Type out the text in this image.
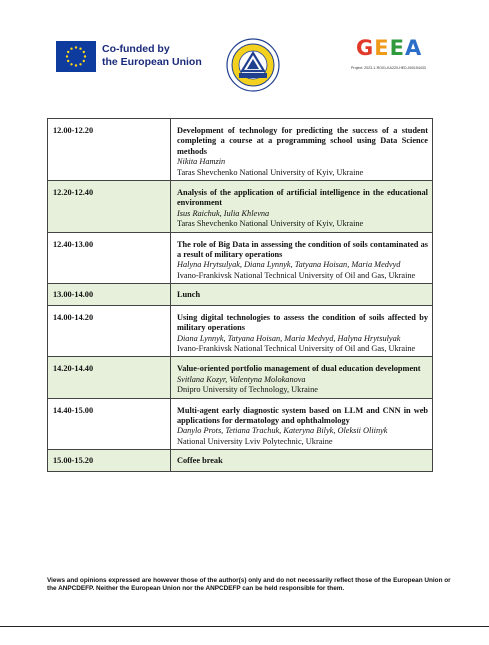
Co-funded by
the European Union
GEEA
Project: 2023-1-RO01-KA220-HED-000154433
12.00-12.20	Development of technology for predicting the success of a student completing a course at a programming school using Data Science methods
Nikita Hamzin
Taras Shevchenko National University of Kyiv, Ukraine

12.20-12.40	Analysis of the application of artificial intelligence in the educational environment
Isus Raichuk, Iulia Khlevna
Taras Shevchenko National University of Kyiv, Ukraine

12.40-13.00	The role of Big Data in assessing the condition of soils contaminated as a result of military operations
Halyna Hrytsulyak, Diana Lynnyk, Tatyana Hoisan, Maria Medvyd
Ivano-Frankivsk National Technical University of Oil and Gas, Ukraine

13.00-14.00	Lunch

14.00-14.20	Using digital technologies to assess the condition of soils affected by military operations
Diana Lynnyk, Tatyana Hoisan, Maria Medvyd, Halyna Hrytsulyak
Ivano-Frankivsk National Technical University of Oil and Gas, Ukraine

14.20-14.40	Value-oriented portfolio management of dual education development
Svitlana Kozyr, Valentyna Molokanova
Dnipro University of Technology, Ukraine

14.40-15.00	Multi-agent early diagnostic system based on LLM and CNN in web applications for dermatology and ophthalmology
Danylo Prots, Tetiana Trachuk, Kateryna Bilyk, Oleksii Oliinyk
National University Lviv Polytechnic, Ukraine

15.00-15.20	Coffee break
Views and opinions expressed are however those of the author(s) only and do not necessarily reflect those of the European Union or the ANPCDEFP. Neither the European Union nor the ANPCDEFP can be held responsible for them.
